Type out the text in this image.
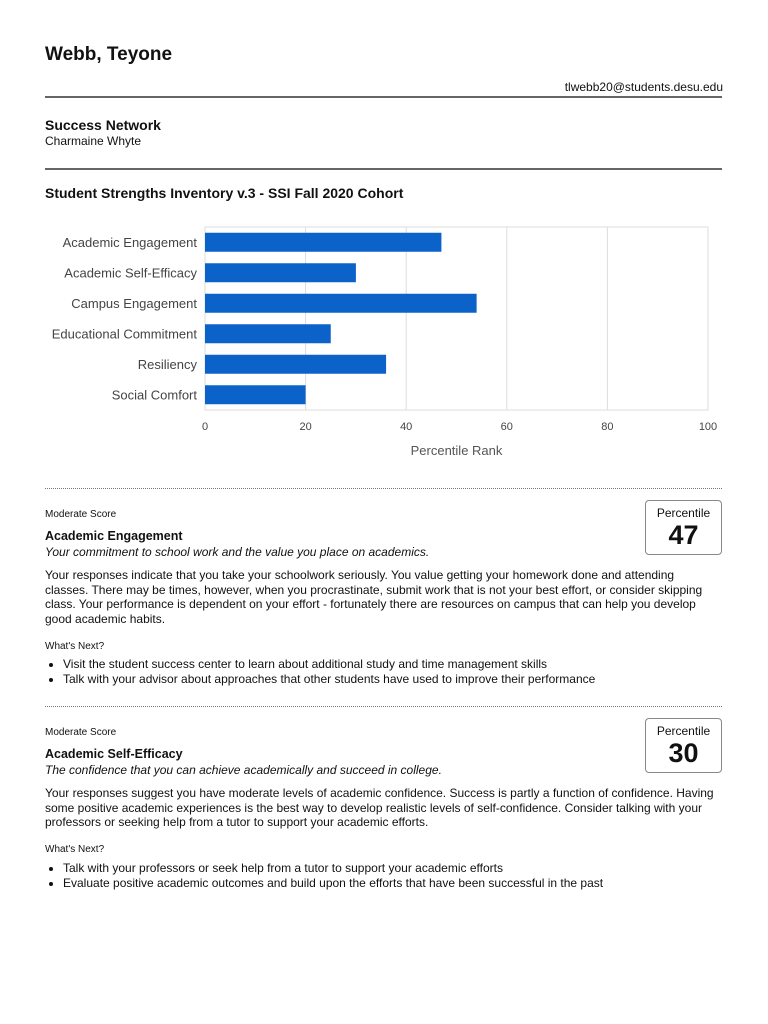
Webb, Teyone
tlwebb20@students.desu.edu
Success Network
Charmaine Whyte
Student Strengths Inventory v.3 - SSI Fall 2020 Cohort
0	20	40	60	80	100
Academic Engagement
Academic Self-Efficacy
Campus Engagement
Educational Commitment
Resiliency
Social Comfort
Percentile Rank
Moderate Score
Academic Engagement
Your commitment to school work and the value you place on academics.
Your responses indicate that you take your schoolwork seriously. You value getting your homework done and attending classes. There may be times, however, when you procrastinate, submit work that is not your best effort, or consider skipping class. Your performance is dependent on your effort - fortunately there are resources on campus that can help you develop good academic habits.
What's Next?
• Visit the student success center to learn about additional study and time management skills
• Talk with your advisor about approaches that other students have used to improve their performance
Percentile
47
Moderate Score
Academic Self-Efficacy
The confidence that you can achieve academically and succeed in college.
Your responses suggest you have moderate levels of academic confidence. Success is partly a function of confidence. Having some positive academic experiences is the best way to develop realistic levels of self-confidence. Consider talking with your professors or seeking help from a tutor to support your academic efforts.
What's Next?
• Talk with your professors or seek help from a tutor to support your academic efforts
• Evaluate positive academic outcomes and build upon the efforts that have been successful in the past
Percentile
30
